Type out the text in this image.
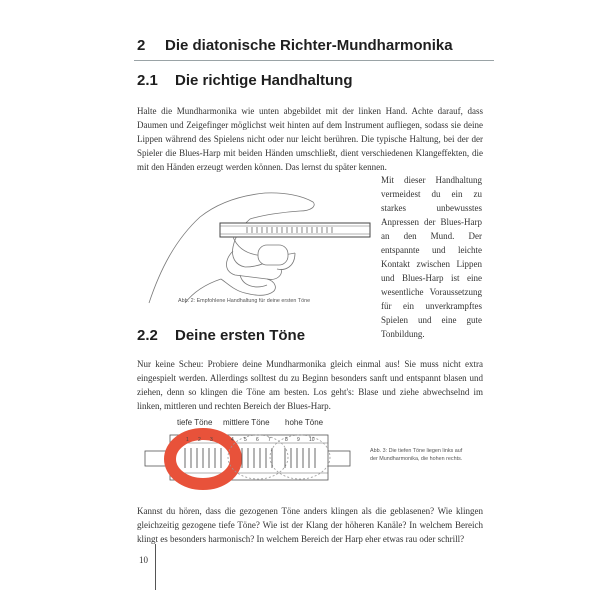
2 Die diatonische Richter-Mundharmonika
2.1 Die richtige Handhaltung

Halte die Mundharmonika wie unten abgebildet mit der linken Hand. Achte darauf, dass Daumen und Zeigefinger möglichst weit hinten auf dem Instrument aufliegen, sodass sie deine Lippen während des Spielens nicht oder nur leicht berühren. Die typische Haltung, bei der der Spieler die Blues-Harp mit beiden Händen umschließt, dient verschiedenen Klangeffekten, die mit den Händen erzeugt werden können. Das lernst du später kennen.

Abb. 2: Empfohlene Handhaltung für deine ersten Töne

Mit dieser Handhaltung vermeidest du ein zu starkes unbewusstes Anpressen der Blues-Harp an den Mund. Der entspannte und leichte Kontakt zwischen Lippen und Blues-Harp ist eine wesentliche Voraussetzung für ein unverkrampftes Spielen und eine gute Tonbildung.

2.2 Deine ersten Töne

Nur keine Scheu: Probiere deine Mundharmonika gleich einmal aus! Sie muss nicht extra eingespielt werden. Allerdings solltest du zu Beginn besonders sanft und entspannt blasen und ziehen, denn so klingen die Töne am besten. Los geht's: Blase und ziehe abwechselnd im linken, mittleren und rechten Bereich der Blues-Harp.

tiefe Töne mittlere Töne hohe Töne
1 2 3	4 5 6 7	8 9 10
Abb. 3: Die tiefen Töne liegen links auf
der Mundharmonika, die hohen rechts.

Kannst du hören, dass die gezogenen Töne anders klingen als die geblasenen? Wie klingen gleichzeitig gezogene tiefe Töne? Wie ist der Klang der höheren Kanäle? In welchem Bereich klingt es besonders harmonisch? In welchem Bereich der Harp eher etwas rau oder schrill?

10
